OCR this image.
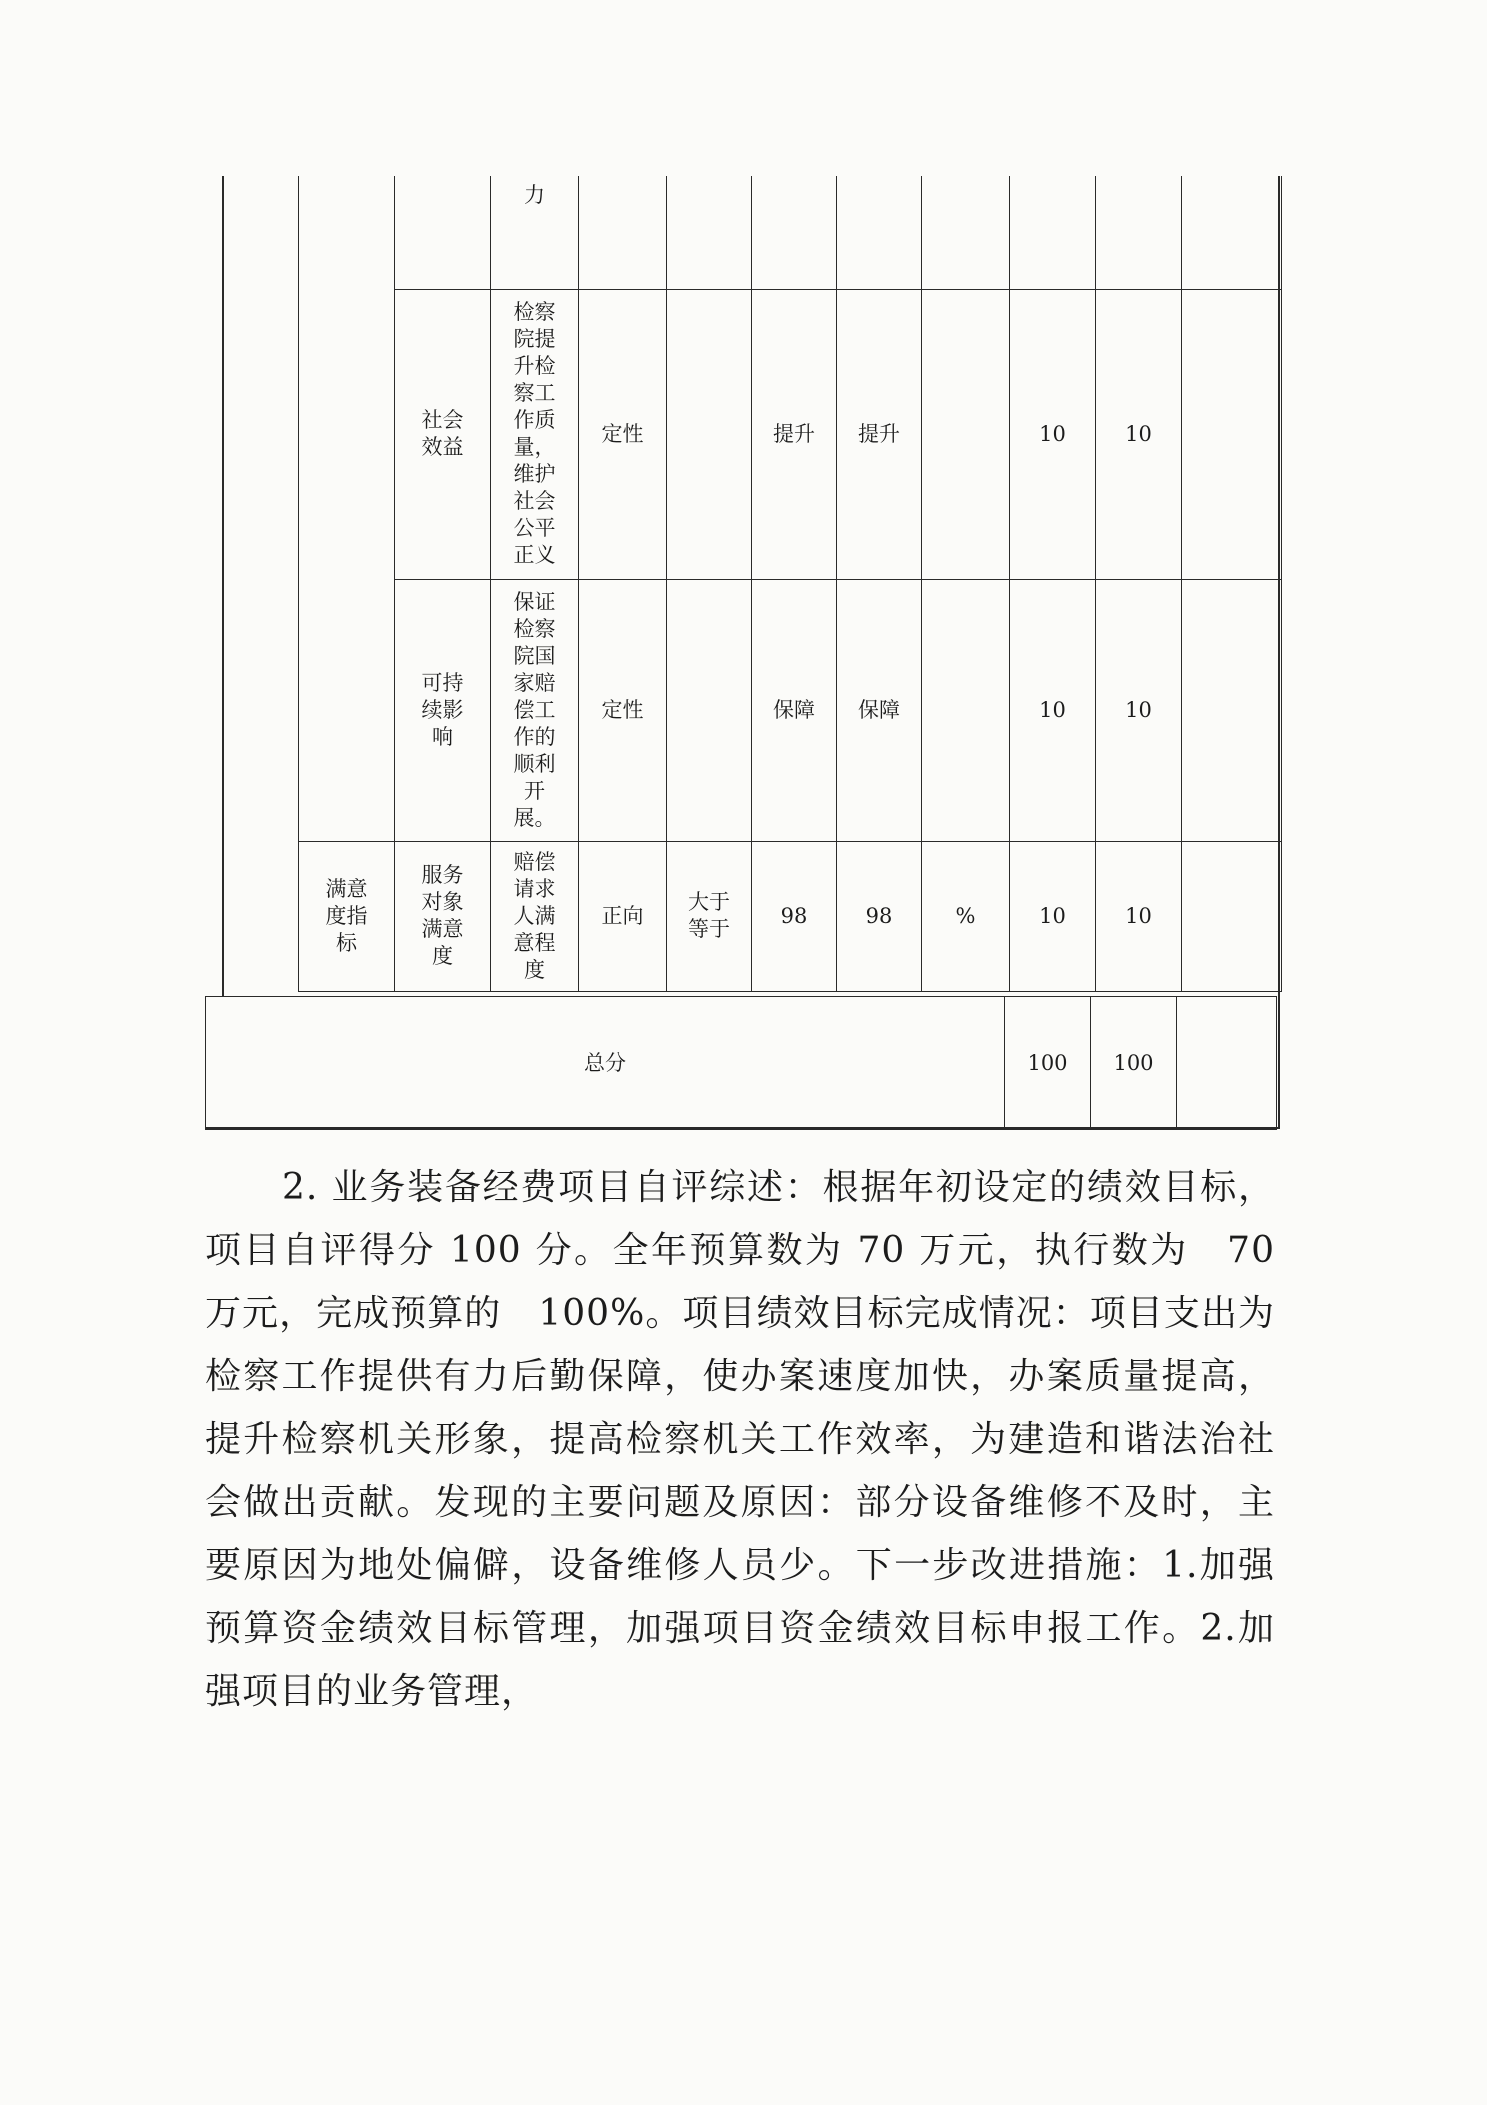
		力								
	社会效益	检察院提升检察工作质量，维护社会公平正义	定性		提升	提升		10	10	
	可持续影响	保证检察院国家赔偿工作的顺利开展。	定性		保障	保障		10	10	
满意度指标	服务对象满意度	赔偿请求人满意程度	正向	大于等于	98	98	%	10	10	
总分	100	100	

2. 业务装备经费项目自评综述：根据年初设定的绩效目标，项目自评得分 100 分。全年预算数为 70 万元，执行数为　70 万元，完成预算的　100%。项目绩效目标完成情况：项目支出为检察工作提供有力后勤保障，使办案速度加快，办案质量提高，提升检察机关形象，提高检察机关工作效率，为建造和谐法治社会做出贡献。发现的主要问题及原因：部分设备维修不及时，主要原因为地处偏僻，设备维修人员少。下一步改进措施：1.加强预算资金绩效目标管理，加强项目资金绩效目标申报工作。2.加强项目的业务管理，
